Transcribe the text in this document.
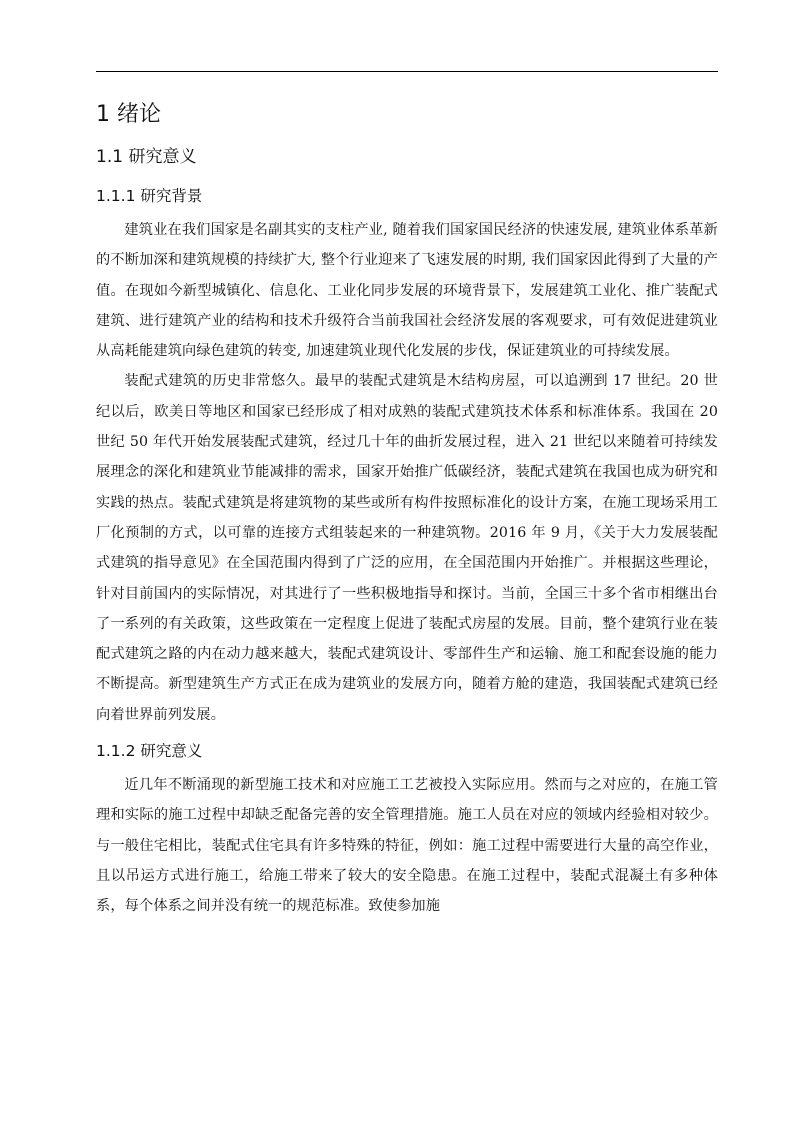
1 绪论
1.1 研究意义
1.1.1 研究背景

建筑业在我们国家是名副其实的支柱产业, 随着我们国家国民经济的快速发展, 建筑业体系革新的不断加深和建筑规模的持续扩大, 整个行业迎来了飞速发展的时期, 我们国家因此得到了大量的产值。在现如今新型城镇化、信息化、工业化同步发展的环境背景下，发展建筑工业化、推广装配式建筑、进行建筑产业的结构和技术升级符合当前我国社会经济发展的客观要求，可有效促进建筑业从高耗能建筑向绿色建筑的转变, 加速建筑业现代化发展的步伐，保证建筑业的可持续发展。

装配式建筑的历史非常悠久。最早的装配式建筑是木结构房屋，可以追溯到 17 世纪。20 世纪以后，欧美日等地区和国家已经形成了相对成熟的装配式建筑技术体系和标准体系。我国在 20 世纪 50 年代开始发展装配式建筑，经过几十年的曲折发展过程，进入 21 世纪以来随着可持续发展理念的深化和建筑业节能减排的需求，国家开始推广低碳经济，装配式建筑在我国也成为研究和实践的热点。装配式建筑是将建筑物的某些或所有构件按照标准化的设计方案，在施工现场采用工厂化预制的方式，以可靠的连接方式组装起来的一种建筑物。2016 年 9 月，《关于大力发展装配式建筑的指导意见》在全国范围内得到了广泛的应用，在全国范围内开始推广。并根据这些理论，针对目前国内的实际情况，对其进行了一些积极地指导和探讨。当前，全国三十多个省市相继出台了一系列的有关政策，这些政策在一定程度上促进了装配式房屋的发展。目前，整个建筑行业在装配式建筑之路的内在动力越来越大，装配式建筑设计、零部件生产和运输、施工和配套设施的能力不断提高。新型建筑生产方式正在成为建筑业的发展方向，随着方舱的建造，我国装配式建筑已经向着世界前列发展。

1.1.2 研究意义

近几年不断涌现的新型施工技术和对应施工工艺被投入实际应用。然而与之对应的，在施工管理和实际的施工过程中却缺乏配备完善的安全管理措施。施工人员在对应的领域内经验相对较少。与一般住宅相比，装配式住宅具有许多特殊的特征，例如：施工过程中需要进行大量的高空作业，且以吊运方式进行施工，给施工带来了较大的安全隐患。在施工过程中，装配式混凝土有多种体系，每个体系之间并没有统一的规范标准。致使参加施
